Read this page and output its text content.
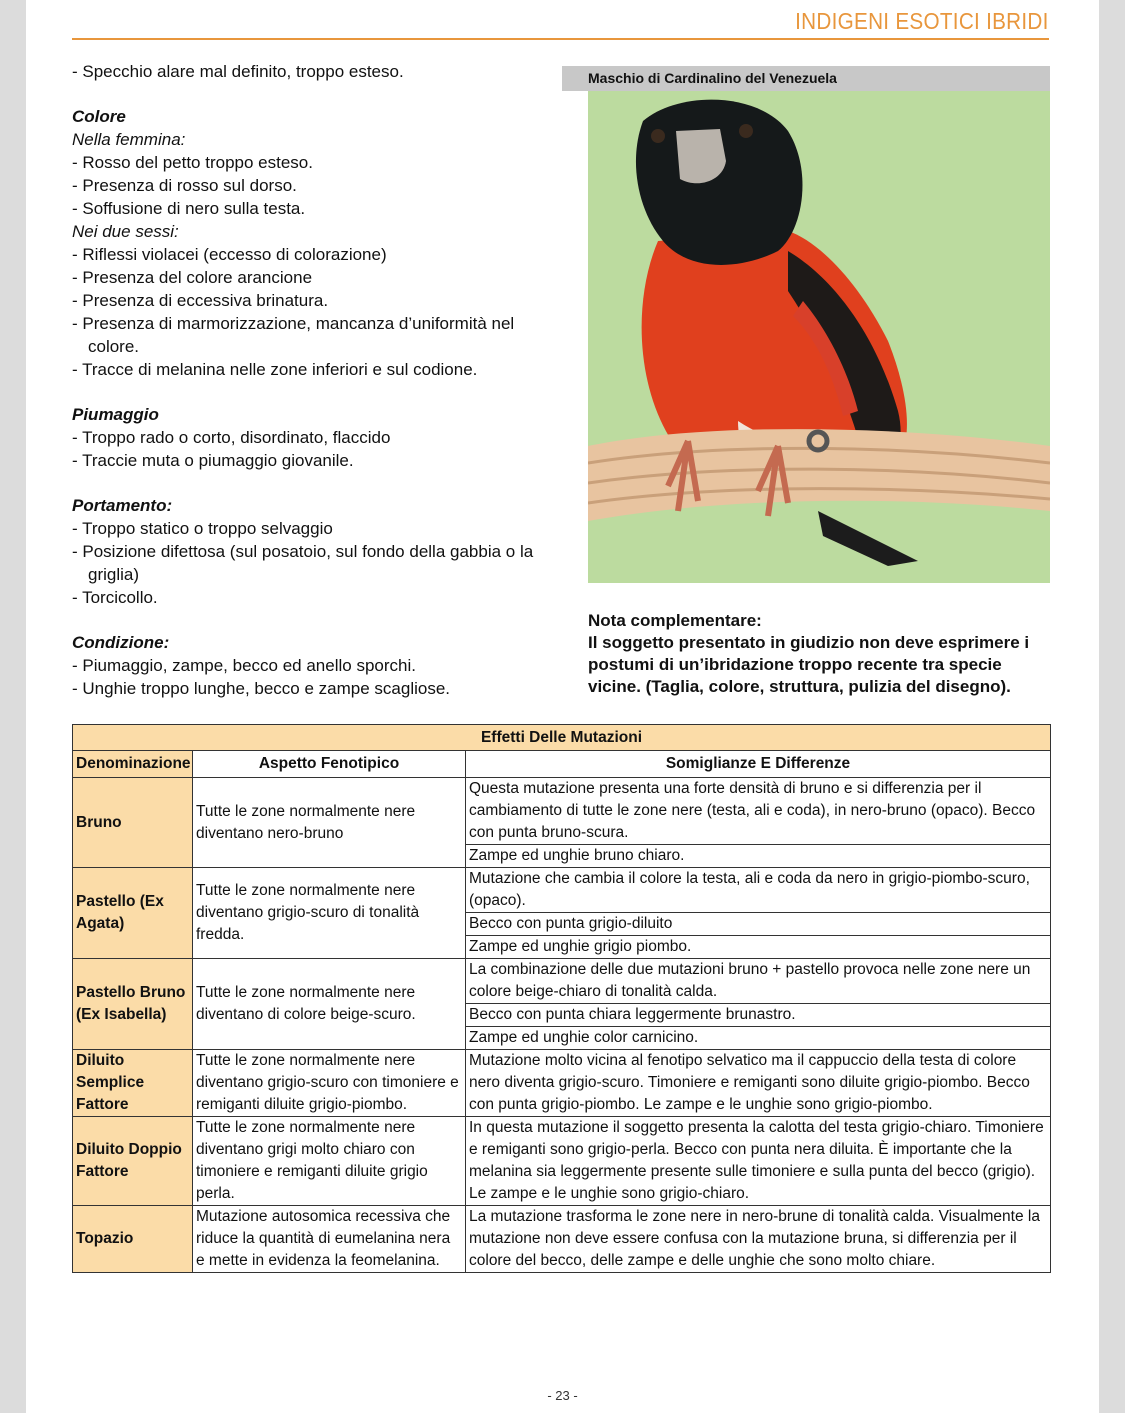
INDIGENI ESOTICI IBRIDI
- Specchio alare mal definito, troppo esteso.
Colore
Nella femmina:
- Rosso del petto troppo esteso.
- Presenza di rosso sul dorso.
- Soffusione di nero sulla testa.
Nei due sessi:
- Riflessi violacei (eccesso di colorazione)
- Presenza del colore arancione
- Presenza di eccessiva brinatura.
- Presenza di marmorizzazione, mancanza d’uniformità nel colore.
- Tracce di melanina nelle zone inferiori e sul codione.
Piumaggio
- Troppo rado o corto, disordinato, flaccido
- Traccie muta o piumaggio giovanile.
Portamento:
- Troppo statico o troppo selvaggio
- Posizione difettosa (sul posatoio, sul fondo della gabbia o la griglia)
- Torcicollo.
Condizione:
- Piumaggio, zampe, becco ed anello sporchi.
- Unghie troppo lunghe, becco e zampe scagliose.
Maschio di Cardinalino del Venezuela
Nota complementare:
Il soggetto presentato in giudizio non deve esprimere i postumi di un’ibridazione troppo recente tra specie vicine. (Taglia, colore, struttura, pulizia del disegno).
Effetti Delle Mutazioni		
Denominazione	Aspetto Fenotipico	Somiglianze E Differenze
Bruno	Tutte le zone normalmente nere diventano nero-bruno	Questa mutazione presenta una forte densità di bruno e si differenzia per il cambiamento di tutte le zone nere (testa, ali e coda), in nero-bruno (opaco). Becco con punta bruno-scura.
		Zampe ed unghie bruno chiaro.
Pastello (Ex Agata)	Tutte le zone normalmente nere diventano grigio-scuro di tonalità fredda.	Mutazione che cambia il colore la testa, ali e coda da nero in grigio-piombo-scuro, (opaco).
		Becco con punta grigio-diluito
		Zampe ed unghie grigio piombo.
Pastello Bruno (Ex Isabella)	Tutte le zone normalmente nere diventano di colore beige-scuro.	La combinazione delle due mutazioni bruno + pastello provoca nelle zone nere un colore beige-chiaro di tonalità calda.
		Becco con punta chiara leggermente brunastro.
		Zampe ed unghie color carnicino.
Diluito Semplice Fattore	Tutte le zone normalmente nere diventano grigio-scuro con timoniere e remiganti diluite grigio-piombo.	Mutazione molto vicina al fenotipo selvatico ma il cappuccio della testa di colore nero diventa grigio-scuro. Timoniere e remiganti sono diluite grigio-piombo. Becco con punta grigio-piombo. Le zampe e le unghie sono grigio-piombo.
Diluito Doppio Fattore	Tutte le zone normalmente nere diventano grigi molto chiaro con timoniere e remiganti diluite grigio perla.	In questa mutazione il soggetto presenta la calotta del testa grigio-chiaro. Timoniere e remiganti sono grigio-perla. Becco con punta nera diluita. È importante che la melanina sia leggermente presente sulle timoniere e sulla punta del becco (grigio). Le zampe e le unghie sono grigio-chiaro.
Topazio	Mutazione autosomica recessiva che riduce la quantità di eumelanina nera e mette in evidenza la feomelanina.	La mutazione trasforma le zone nere in nero-brune di tonalità calda. Visualmente la mutazione non deve essere confusa con la mutazione bruna, si differenzia per il colore del becco, delle zampe e delle unghie che sono molto chiare.
- 23 -
